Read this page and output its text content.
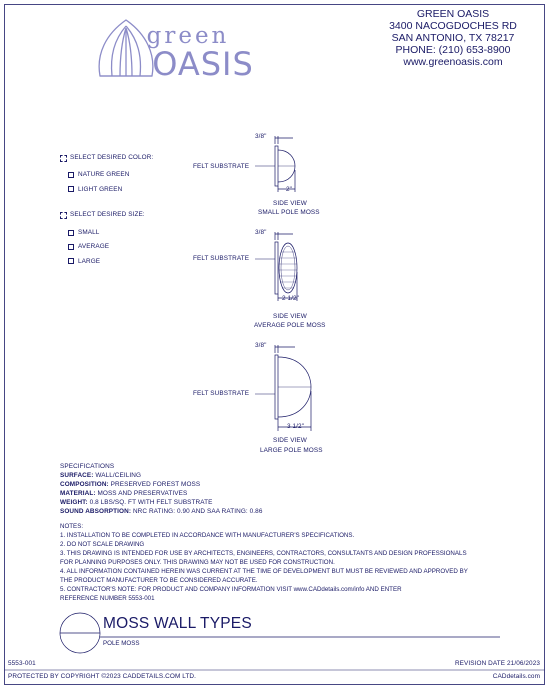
green
OASIS
GREEN OASIS
3400 NACOGDOCHES RD
SAN ANTONIO, TX 78217
PHONE: (210) 653-8900
www.greenoasis.com
SELECT DESIRED COLOR:
NATURE GREEN
LIGHT GREEN
SELECT DESIRED SIZE:
SMALL
AVERAGE
LARGE
3/8"
FELT SUBSTRATE
2"
SIDE VIEW
SMALL POLE MOSS
3/8"
FELT SUBSTRATE
2 1/2"
SIDE VIEW
AVERAGE POLE MOSS
3/8"
FELT SUBSTRATE
3 1/2"
SIDE VIEW
LARGE POLE MOSS
SPECIFICATIONS
SURFACE: WALL/CEILING
COMPOSITION: PRESERVED FOREST MOSS
MATERIAL: MOSS AND PRESERVATIVES
WEIGHT: 0.8 LBS/SQ. FT WITH FELT SUBSTRATE
SOUND ABSORPTION: NRC RATING: 0.90 AND SAA RATING: 0.86
NOTES:
1. INSTALLATION TO BE COMPLETED IN ACCORDANCE WITH MANUFACTURER'S SPECIFICATIONS.
2. DO NOT SCALE DRAWING
3. THIS DRAWING IS INTENDED FOR USE BY ARCHITECTS, ENGINEERS, CONTRACTORS, CONSULTANTS AND DESIGN PROFESSIONALS
FOR PLANNING PURPOSES ONLY. THIS DRAWING MAY NOT BE USED FOR CONSTRUCTION.
4. ALL INFORMATION CONTAINED HEREIN WAS CURRENT AT THE TIME OF DEVELOPMENT BUT MUST BE REVIEWED AND APPROVED BY
THE PRODUCT MANUFACTURER TO BE CONSIDERED ACCURATE.
5. CONTRACTOR'S NOTE: FOR PRODUCT AND COMPANY INFORMATION VISIT www.CADdetails.com/info AND ENTER
REFERENCE NUMBER 5553-001
MOSS WALL TYPES
POLE MOSS
5553-001	REVISION DATE 21/06/2023
PROTECTED BY COPYRIGHT ©2023 CADDETAILS.COM LTD.	CADdetails.com
